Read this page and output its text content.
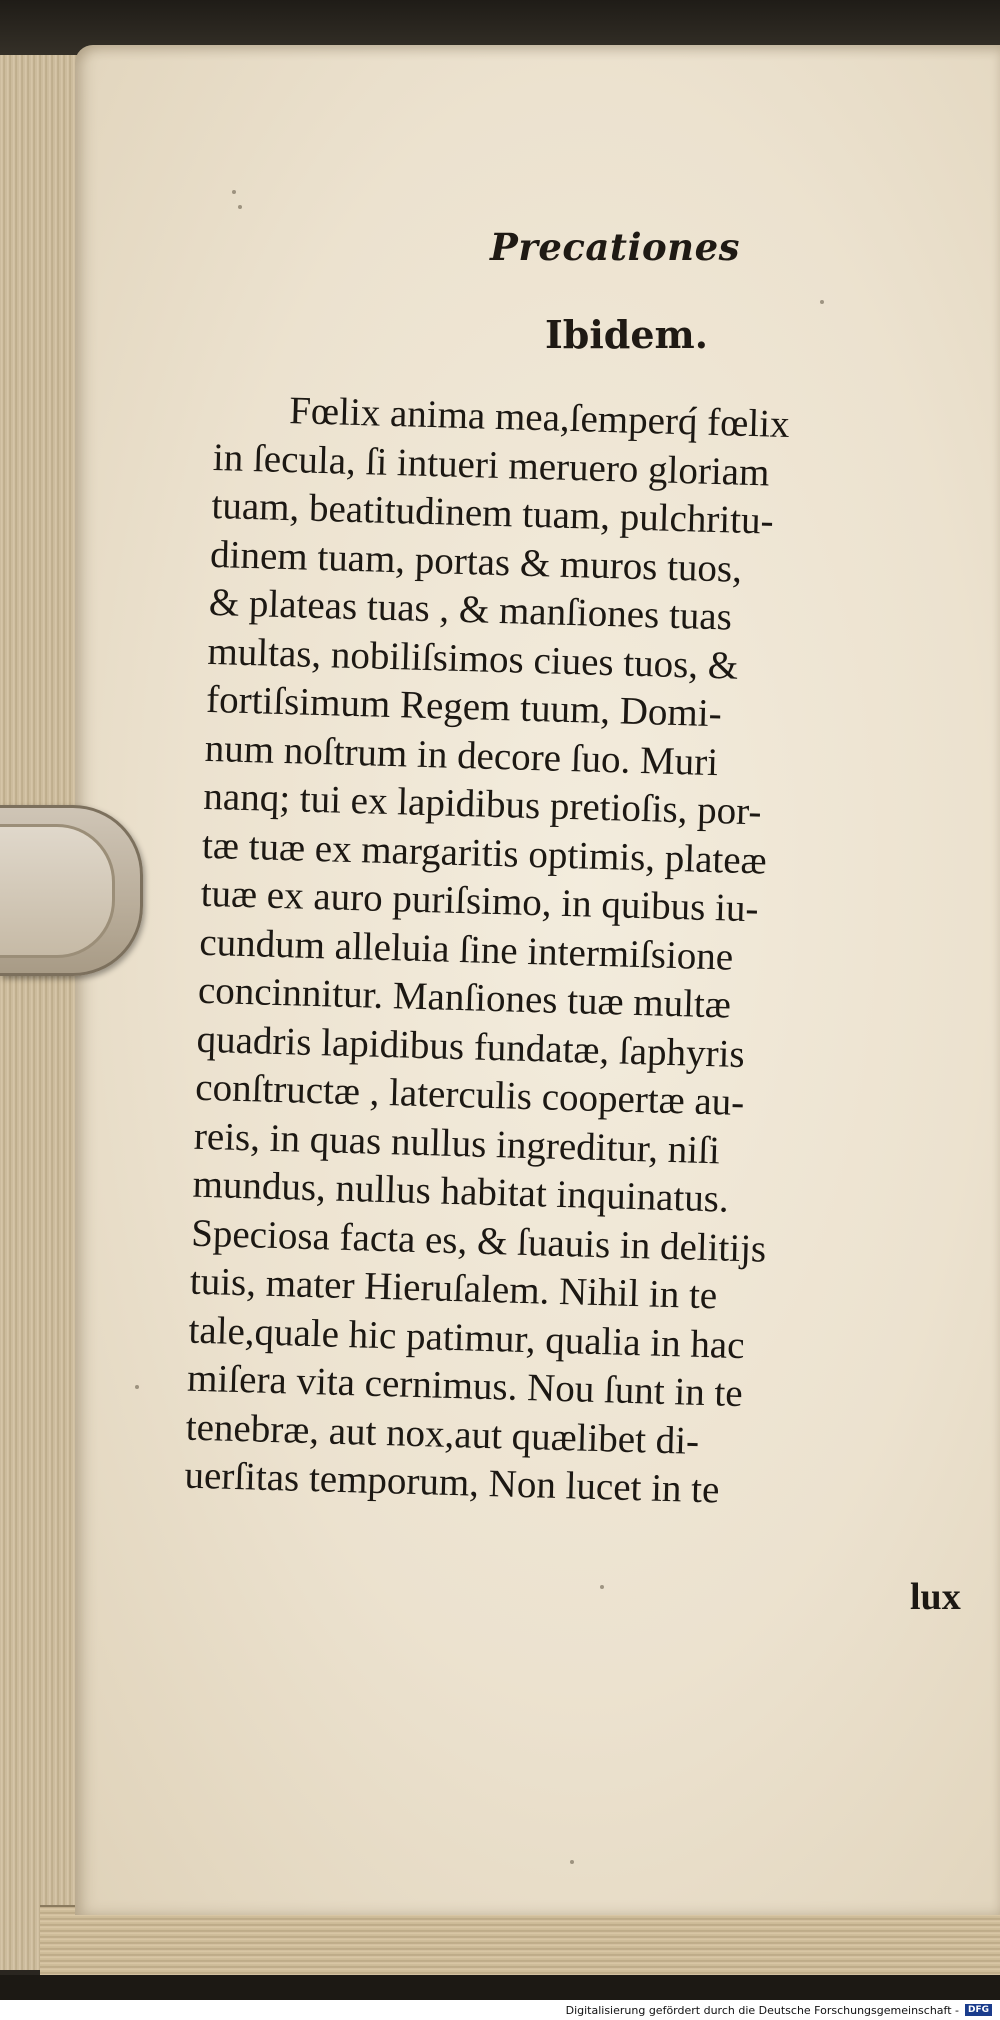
Precationes
Ibidem.
Fœlix anima mea,ſemperq́ fœlix
in ſecula, ſi intueri meruero gloriam
tuam, beatitudinem tuam, pulchritu-
dinem tuam, portas & muros tuos,
& plateas tuas , & manſiones tuas
multas, nobiliſsimos ciues tuos, &
fortiſsimum Regem tuum, Domi-
num noſtrum in decore ſuo. Muri
nanq; tui ex lapidibus pretioſis, por-
tæ tuæ ex margaritis optimis, plateæ
tuæ ex auro puriſsimo, in quibus iu-
cundum alleluia ſine intermiſsione
concinnitur. Manſiones tuæ multæ
quadris lapidibus fundatæ, ſaphyris
conſtructæ , laterculis coopertæ au-
reis, in quas nullus ingreditur, niſi
mundus, nullus habitat inquinatus.
Speciosa facta es, & ſuauis in delitijs
tuis, mater Hieruſalem. Nihil in te
tale,quale hic patimur, qualia in hac
miſera vita cernimus. Nou ſunt in te
tenebræ, aut nox,aut quælibet di-
uerſitas temporum, Non lucet in te
lux
Digitalisierung gefördert durch die Deutsche Forschungsgemeinschaft -	DFG
